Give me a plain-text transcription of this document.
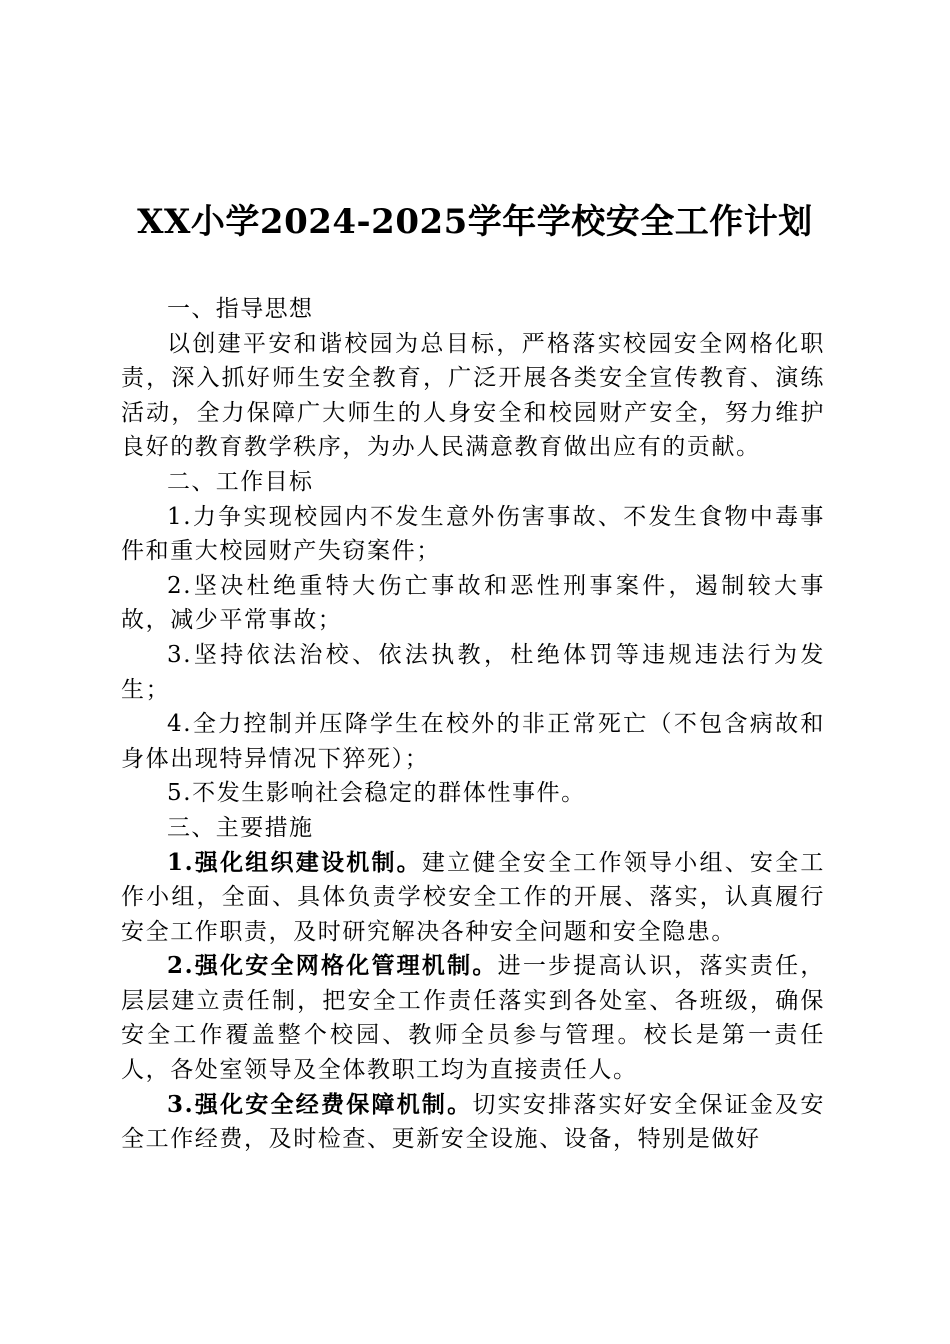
XX小学2024-2025学年学校安全工作计划

一、指导思想

以创建平安和谐校园为总目标，严格落实校园安全网格化职责，深入抓好师生安全教育，广泛开展各类安全宣传教育、演练活动，全力保障广大师生的人身安全和校园财产安全，努力维护良好的教育教学秩序，为办人民满意教育做出应有的贡献。

二、工作目标

1.力争实现校园内不发生意外伤害事故、不发生食物中毒事件和重大校园财产失窃案件；

2.坚决杜绝重特大伤亡事故和恶性刑事案件，遏制较大事故，减少平常事故；

3.坚持依法治校、依法执教，杜绝体罚等违规违法行为发生；

4.全力控制并压降学生在校外的非正常死亡（不包含病故和身体出现特异情况下猝死）；

5.不发生影响社会稳定的群体性事件。

三、主要措施

1.强化组织建设机制。建立健全安全工作领导小组、安全工作小组，全面、具体负责学校安全工作的开展、落实，认真履行安全工作职责，及时研究解决各种安全问题和安全隐患。

2.强化安全网格化管理机制。进一步提高认识，落实责任，层层建立责任制，把安全工作责任落实到各处室、各班级，确保安全工作覆盖整个校园、教师全员参与管理。校长是第一责任人，各处室领导及全体教职工均为直接责任人。

3.强化安全经费保障机制。切实安排落实好安全保证金及安全工作经费，及时检查、更新安全设施、设备，特别是做好
